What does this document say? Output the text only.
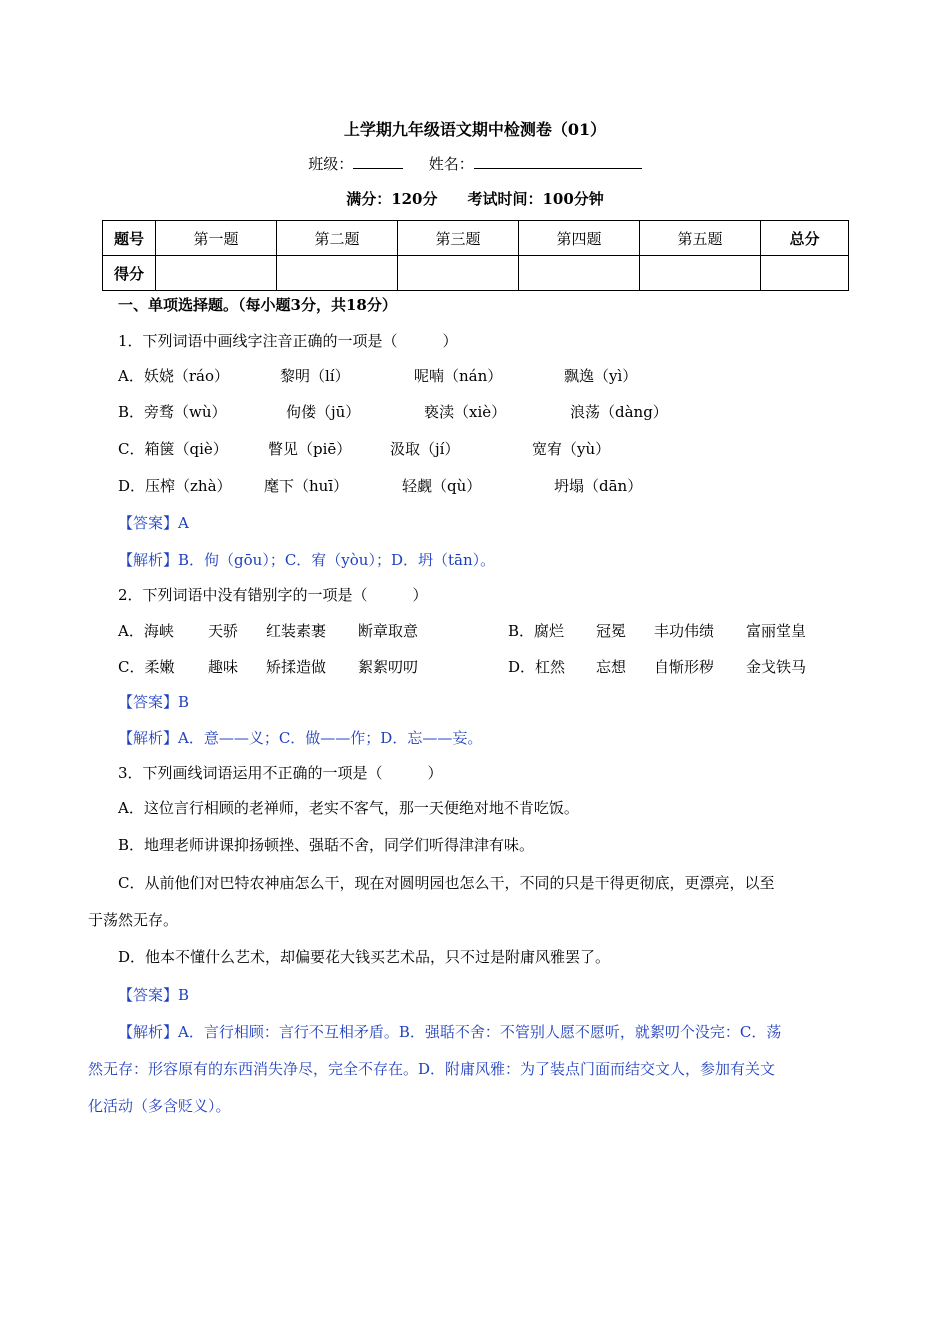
上学期九年级语文期中检测卷（01）
班级：	姓名：
满分：120分　　考试时间：100分钟
题号	第一题	第二题	第三题	第四题	第五题	总分
得分						
一、单项选择题。（每小题3分，共18分）
1．下列词语中画线字注音正确的一项是（　　　）
A．妖娆（ráo）	黎明（lí）	呢喃（nán）	飘逸（yì）
B．旁骛（wù）	佝偻（jū）	亵渎（xiè）	浪荡（dàng）
C．箱箧（qiè）	瞥见（piē）	汲取（jí）	宽宥（yù）
D．压榨（zhà） 麾下（huī）	轻觑（qù）	坍塌（dān）
【答案】A
【解析】B．佝（gōu）；C．宥（yòu）；D．坍（tān）。
2．下列词语中没有错别字的一项是（　　　）
A．海峡 天骄 红装素裹 断章取意	B．腐烂 冠冕 丰功伟绩 富丽堂皇
C．柔嫩 趣味 矫揉造做 絮絮叨叨	D．杠然 忘想 自惭形秽 金戈铁马
【答案】B
【解析】A．意——义；C．做——作；D．忘——妄。
3．下列画线词语运用不正确的一项是（　　　）
A．这位言行相顾的老禅师，老实不客气，那一天便绝对地不肯吃饭。
B．地理老师讲课抑扬顿挫、强聒不舍，同学们听得津津有味。
C．从前他们对巴特农神庙怎么干，现在对圆明园也怎么干，不同的只是干得更彻底，更漂亮，以至
于荡然无存。
D．他本不懂什么艺术，却偏要花大钱买艺术品，只不过是附庸风雅罢了。
【答案】B
【解析】A．言行相顾：言行不互相矛盾。B．强聒不舍：不管别人愿不愿听，就絮叨个没完：C．荡
然无存：形容原有的东西消失净尽，完全不存在。D．附庸风雅：为了装点门面而结交文人，参加有关文
化活动（多含贬义）。
